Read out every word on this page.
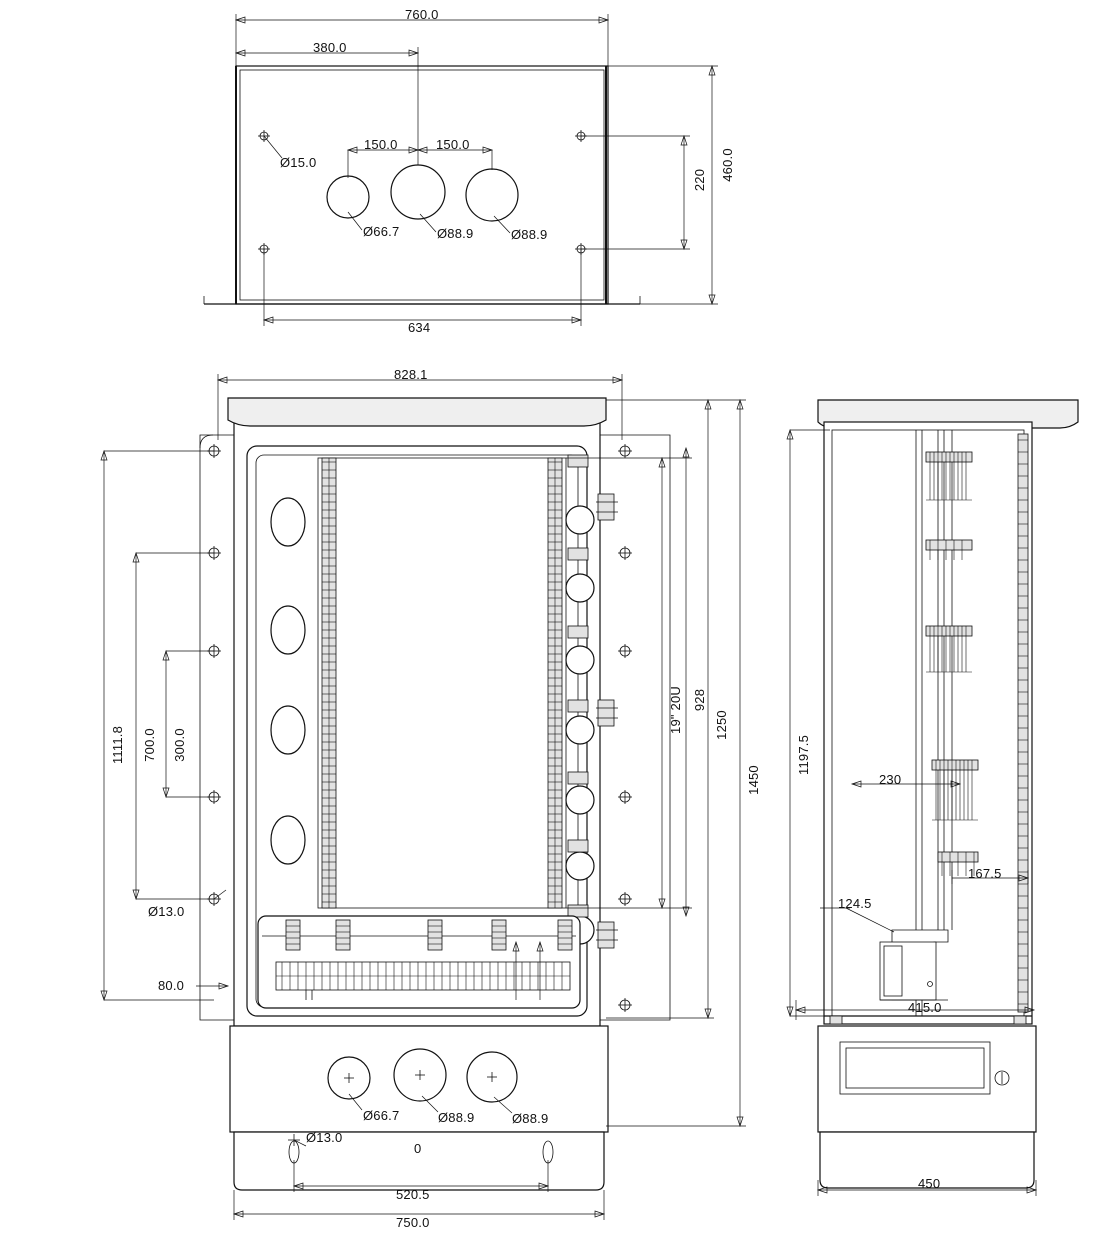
760.0
380.0
150.0	150.0
Ø15.0
Ø66.7	Ø88.9	Ø88.9
460.0
220
634
828.1
1111.8 700.0 300.0
Ø13.0
80.0
19" 20U 928
1250
1450
Ø66.7	Ø88.9	Ø88.9
Ø13.0
0
520.5
750.0
1197.5
230
167.5
124.5
415.0
450
